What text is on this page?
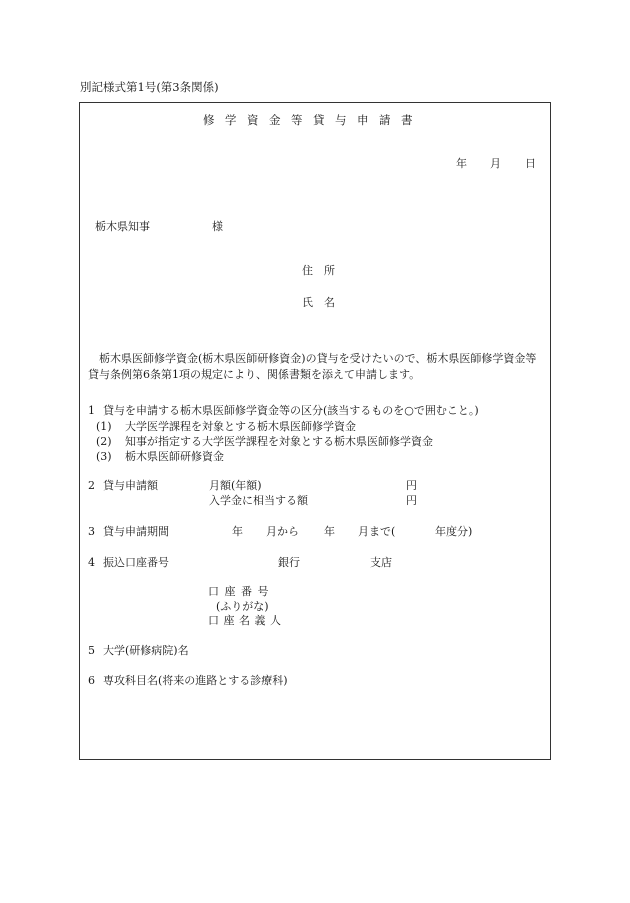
別記様式第1号(第3条関係)
修 学 資 金 等 貸 与 申 請 書
年 月 日
栃木県知事	様
住　所
氏　名
栃木県医師修学資金(栃木県医師研修資金)の貸与を受けたいので、栃木県医師修学資金等貸与条例第6条第1項の規定により、関係書類を添えて申請します。
1 貸与を申請する栃木県医師修学資金等の区分(該当するものを○で囲むこと。)
(1) 大学医学課程を対象とする栃木県医師修学資金
(2) 知事が指定する大学医学課程を対象とする栃木県医師修学資金
(3) 栃木県医師研修資金
2 貸与申請額	月額(年額)	円
入学金に相当する額	円
3 貸与申請期間	年 月から 年 月まで(	年度分)
4 振込口座番号	銀行	支店
口 座 番 号
(ふりがな)
口 座 名 義 人
5 大学(研修病院)名
6 専攻科目名(将来の進路とする診療科)
